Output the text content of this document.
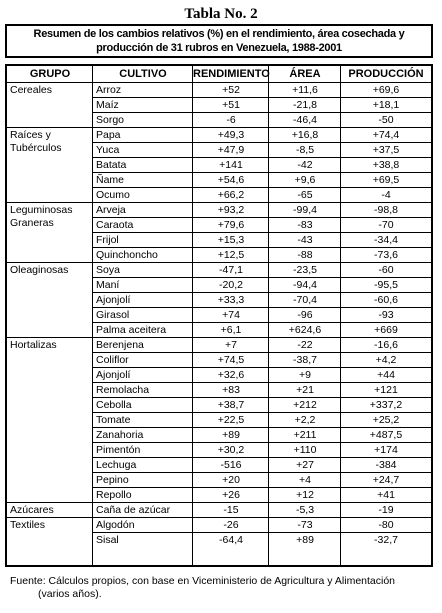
Tabla No. 2
Resumen de los cambios relativos (%) en el rendimiento, área cosechada y
producción de 31 rubros en Venezuela, 1988-2001
GRUPO	CULTIVO	RENDIMIENTO	ÁREA	PRODUCCIÓN
Cereales	Arroz	+52	+11,6	+69,6
Maíz	+51	-21,8	+18,1
Sorgo	-6	-46,4	-50
Raíces y
Tubérculos
Papa	+49,3	+16,8	+74,4
Yuca	+47,9	-8,5	+37,5
Batata	+141	-42	+38,8
Ñame	+54,6	+9,6	+69,5
Ocumo	+66,2	-65	-4
Leguminosas
Graneras
Arveja	+93,2	-99,4	-98,8
Caraota	+79,6	-83	-70
Frijol	+15,3	-43	-34,4
Quinchoncho	+12,5	-88	-73,6
Oleaginosas	Soya	-47,1	-23,5	-60
Maní	-20,2	-94,4	-95,5
Ajonjolí	+33,3	-70,4	-60,6
Girasol	+74	-96	-93
Palma aceitera	+6,1	+624,6	+669
Hortalizas	Berenjena	+7	-22	-16,6
Coliflor	+74,5	-38,7	+4,2
Ajonjolí	+32,6	+9	+44
Remolacha	+83	+21	+121
Cebolla	+38,7	+212	+337,2
Tomate	+22,5	+2,2	+25,2
Zanahoria	+89	+211	+487,5
Pimentón	+30,2	+110	+174
Lechuga	-516	+27	-384
Pepino	+20	+4	+24,7
Repollo	+26	+12	+41
Azúcares	Caña de azúcar	-15	-5,3	-19
Textiles	Algodón	-26	-73	-80
Sisal	-64,4	+89	-32,7
Fuente: Cálculos propios, con base en Viceministerio de Agricultura y Alimentación
(varios años).
